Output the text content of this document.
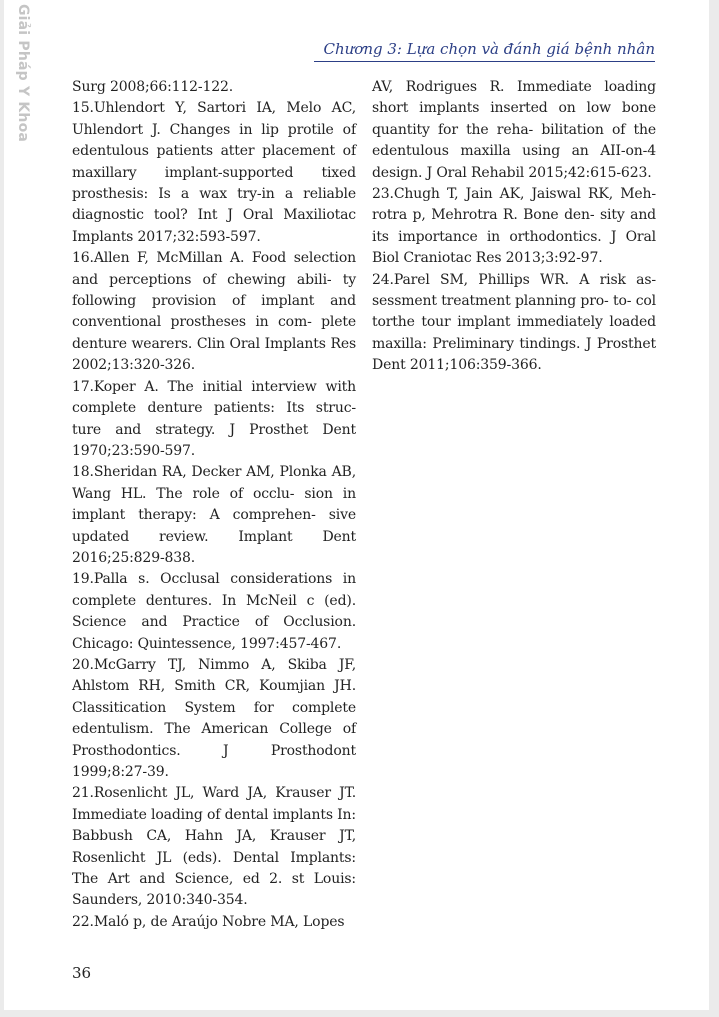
Giải Pháp Y Khoa	Chương 3: Lựa chọn và đánh giá bệnh nhân

Surg 2008;66:112-122.

15.Uhlendort Y, Sartori IA, Melo AC, Uhlendort J. Changes in lip protile of edentulous patients atter placement of maxillary implant-supported tixed prosthesis: Is a wax try-in a reliable diagnostic tool? Int J Oral Maxiliotac Implants 2017;32:593-597.

16.Allen F, McMillan A. Food selection and perceptions of chewing abili- ty following provision of implant and conventional prostheses in com- plete denture wearers. Clin Oral Implants Res 2002;13:320-326.

17.Koper A. The initial interview with complete denture patients: Its struc- ture and strategy. J Prosthet Dent 1970;23:590-597.

18.Sheridan RA, Decker AM, Plonka AB, Wang HL. The role of occlu- sion in implant therapy: A comprehen- sive updated review. Implant Dent 2016;25:829-838.

19.Palla s. Occlusal considerations in complete dentures. In McNeil c (ed). Science and Practice of Occlusion. Chicago: Quintessence, 1997:457-467.

20.McGarry TJ, Nimmo A, Skiba JF, Ahlstom RH, Smith CR, Koumjian JH. Classitication System for complete edentulism. The American College of Prosthodontics. J Prosthodont 1999;8:27-39.

21.Rosenlicht JL, Ward JA, Krauser JT. Immediate loading of dental implants In: Babbush CA, Hahn JA, Krauser JT, Rosenlicht JL (eds). Dental Implants: The Art and Science, ed 2. st Louis: Saunders, 2010:340-354.

22.Maló p, de Araújo Nobre MA, Lopes

AV, Rodrigues R. Immediate loading short implants inserted on low bone quantity for the reha- bilitation of the edentulous maxilla using an AII-on-4 design. J Oral Rehabil 2015;42:615-623.

23.Chugh T, Jain AK, Jaiswal RK, Meh- rotra p, Mehrotra R. Bone den- sity and its importance in orthodontics. J Oral Biol Craniotac Res 2013;3:92-97.

24.Parel SM, Phillips WR. A risk as- sessment treatment planning pro- to- col torthe tour implant immediately loaded maxilla: Preliminary tindings. J Prosthet Dent 2011;106:359-366.

36
